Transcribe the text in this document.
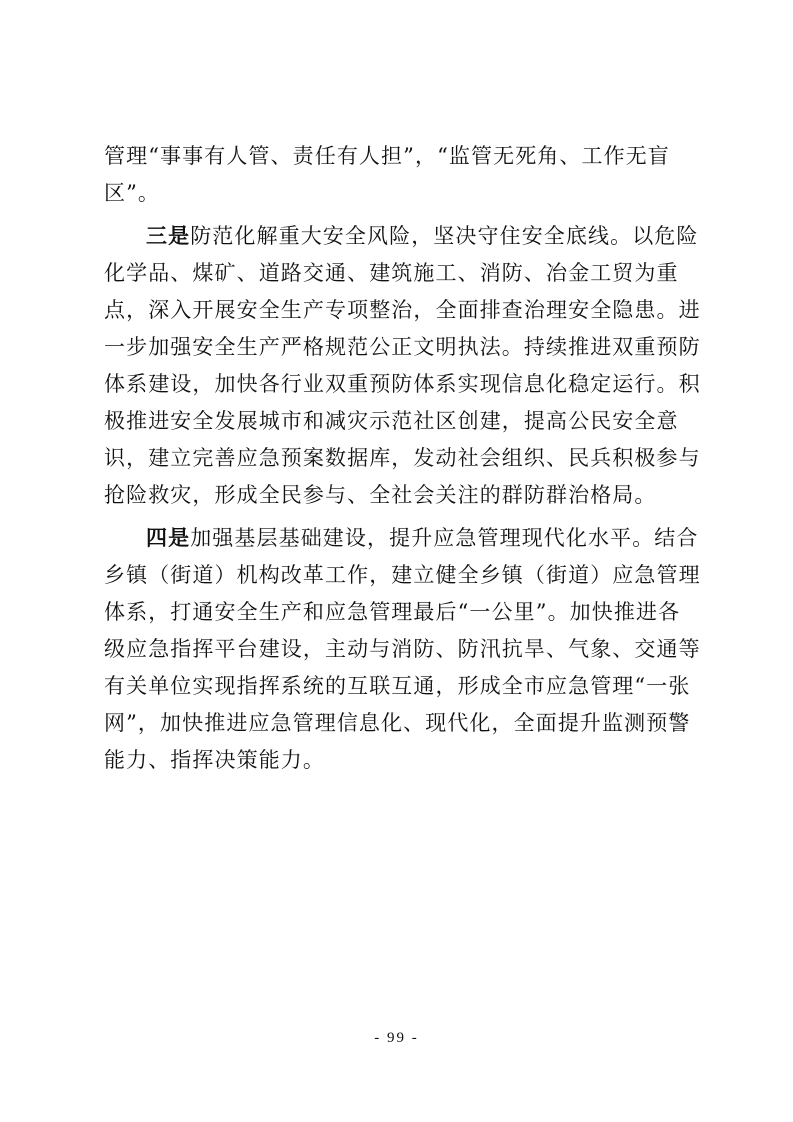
管理“事事有人管、责任有人担”，“监管无死角、工作无盲
区”。
三是防范化解重大安全风险，坚决守住安全底线。以危险
化学品、煤矿、道路交通、建筑施工、消防、冶金工贸为重
点，深入开展安全生产专项整治，全面排查治理安全隐患。进
一步加强安全生产严格规范公正文明执法。持续推进双重预防
体系建设，加快各行业双重预防体系实现信息化稳定运行。积
极推进安全发展城市和减灾示范社区创建，提高公民安全意
识，建立完善应急预案数据库，发动社会组织、民兵积极参与
抢险救灾，形成全民参与、全社会关注的群防群治格局。
四是加强基层基础建设，提升应急管理现代化水平。结合
乡镇（街道）机构改革工作，建立健全乡镇（街道）应急管理
体系，打通安全生产和应急管理最后“一公里”。加快推进各
级应急指挥平台建设，主动与消防、防汛抗旱、气象、交通等
有关单位实现指挥系统的互联互通，形成全市应急管理“一张
网”，加快推进应急管理信息化、现代化，全面提升监测预警
能力、指挥决策能力。
- 99 -
